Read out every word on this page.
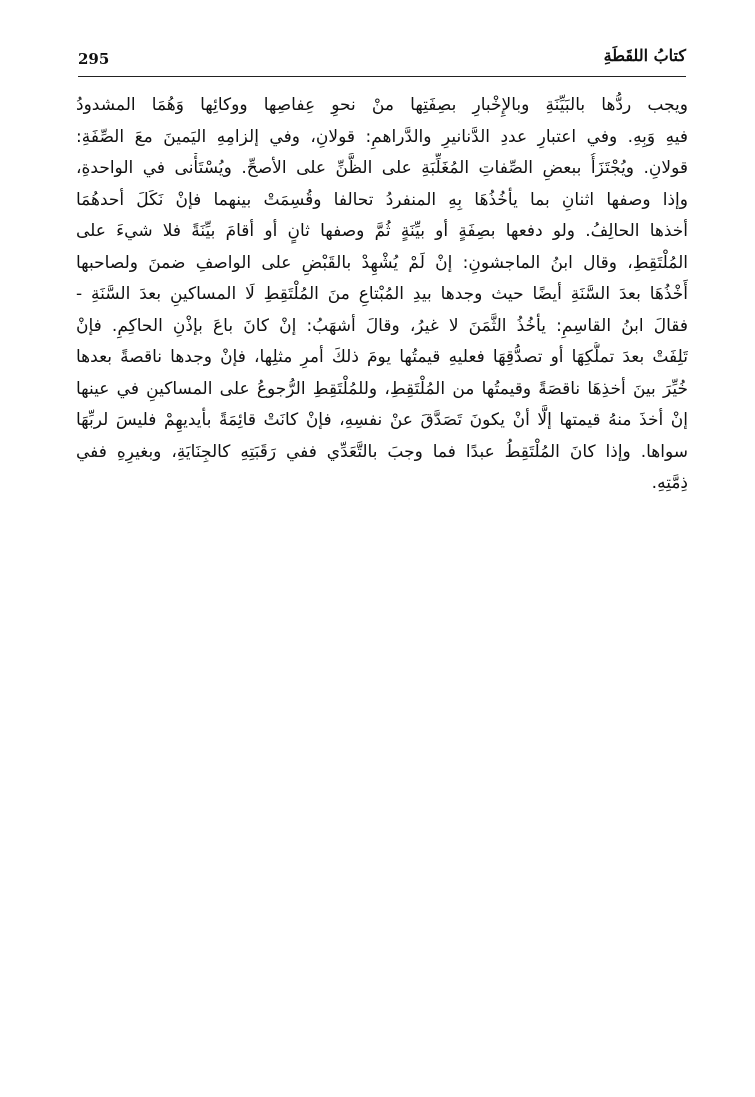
295	كتابُ اللقَطَةِ
ويجب ردُّها بالبَيِّنَةِ وبالإِخْبارِ بصِفَتِها منْ نحوِ عِفاصِها ووكائِها وَهُمَا المشدودُ
فيهِ وَبِهِ. وفي اعتبارِ عددِ الدَّنانيرِ والدَّراهمِ: قولانِ، وفي إلزامِهِ اليَمينَ معَ الصِّفَةِ:
قولانِ. ويُجْتَزَأُ ببعضِ الصِّفاتِ المُغَلِّبَةِ على الظَّنِّ على الأصحِّ. ويُسْتَأْنى في الواحدةِ،
وإذا وصفها اثنانِ بما يأخُذُهَا بِهِ المنفردُ تحالفا وقُسِمَتْ بينهما فإنْ نَكَلَ أحدهُمَا
أخذها الحالِفُ. ولو دفعها بصِفَةٍ أو بيِّنَةٍ ثُمَّ وصفها ثانٍ أو أقامَ بيِّنَةً فلا شيءَ على
المُلْتَقِطِ، وقال ابنُ الماجشونِ: إنْ لَمْ يُشْهِدْ بالقَبْضِ على الواصفِ ضمنَ ولصاحبها
أَخْذُهَا بعدَ السَّنَةِ أيضًا حيث وجدها بيدِ المُبْتاعِ منَ المُلْتَقِطِ لَا المساكينِ بعدَ السَّنَةِ -
فقالَ ابنُ القاسِمِ: يأخُذُ الثَّمَنَ لا غيرُ، وقالَ أشهَبُ: إنْ كانَ باعَ بإذْنِ الحاكِمِ. فإنْ
تَلِفَتْ بعدَ تملُّكِهَا أو تصدُّقِهَا فعليهِ قيمتُها يومَ ذلكَ أمرِ مثلِها، فإنْ وجدها ناقصةً بعدها
خُيِّرَ بينَ أخذِهَا ناقصَةً وقيمتُها من المُلْتَقِطِ، وللمُلْتَقِطِ الرُّجوعُ على المساكينِ في عينها
إنْ أخذَ منهُ قيمتها إلَّا أنْ يكونَ تَصَدَّقَ عنْ نفسِهِ، فإنْ كانَتْ قائِمَةً بأيديهِمْ فليسَ لربِّهَا
سواها. وإذا كانَ المُلْتَقِطُ عبدًا فما وجبَ بالتَّعَدِّي ففي رَقَبَتِهِ كالجِنَايَةِ، وبغيرِهِ ففي
ذِمَّتِهِ.
